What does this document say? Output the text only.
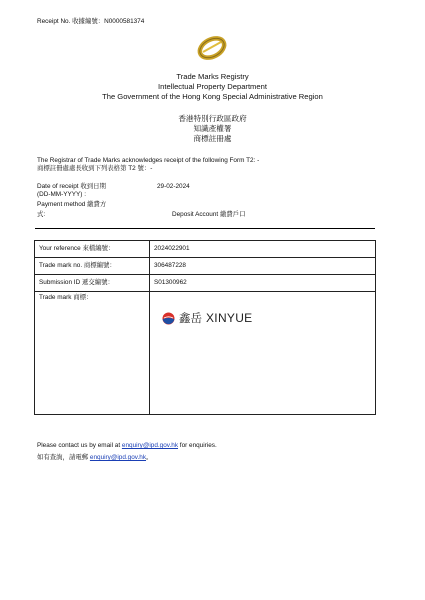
Receipt No. 收據編號：N0000581374
Trade Marks Registry
Intellectual Property Department
The Government of the Hong Kong Special Administrative Region
香港特別行政區政府
知識產權署
商標註冊處
The Registrar of Trade Marks acknowledges receipt of the following Form T2: -
商標註冊處處長收到下列表格第 T2 號：-
Date of receipt 收到日期
(DD-MM-YYYY) :
29-02-2024
Payment method 繳費方
式:	Deposit Account 繳費戶口
Your reference 來檔編號：	2024022901
Trade mark no. 商標編號：	306487228
Submission ID 遞交編號：	S01300962
Trade mark 商標：	鑫岳 XINYUE
Please contact us by email at enquiry@ipd.gov.hk for enquiries.
如有查詢，請電郵 enquiry@ipd.gov.hk。
